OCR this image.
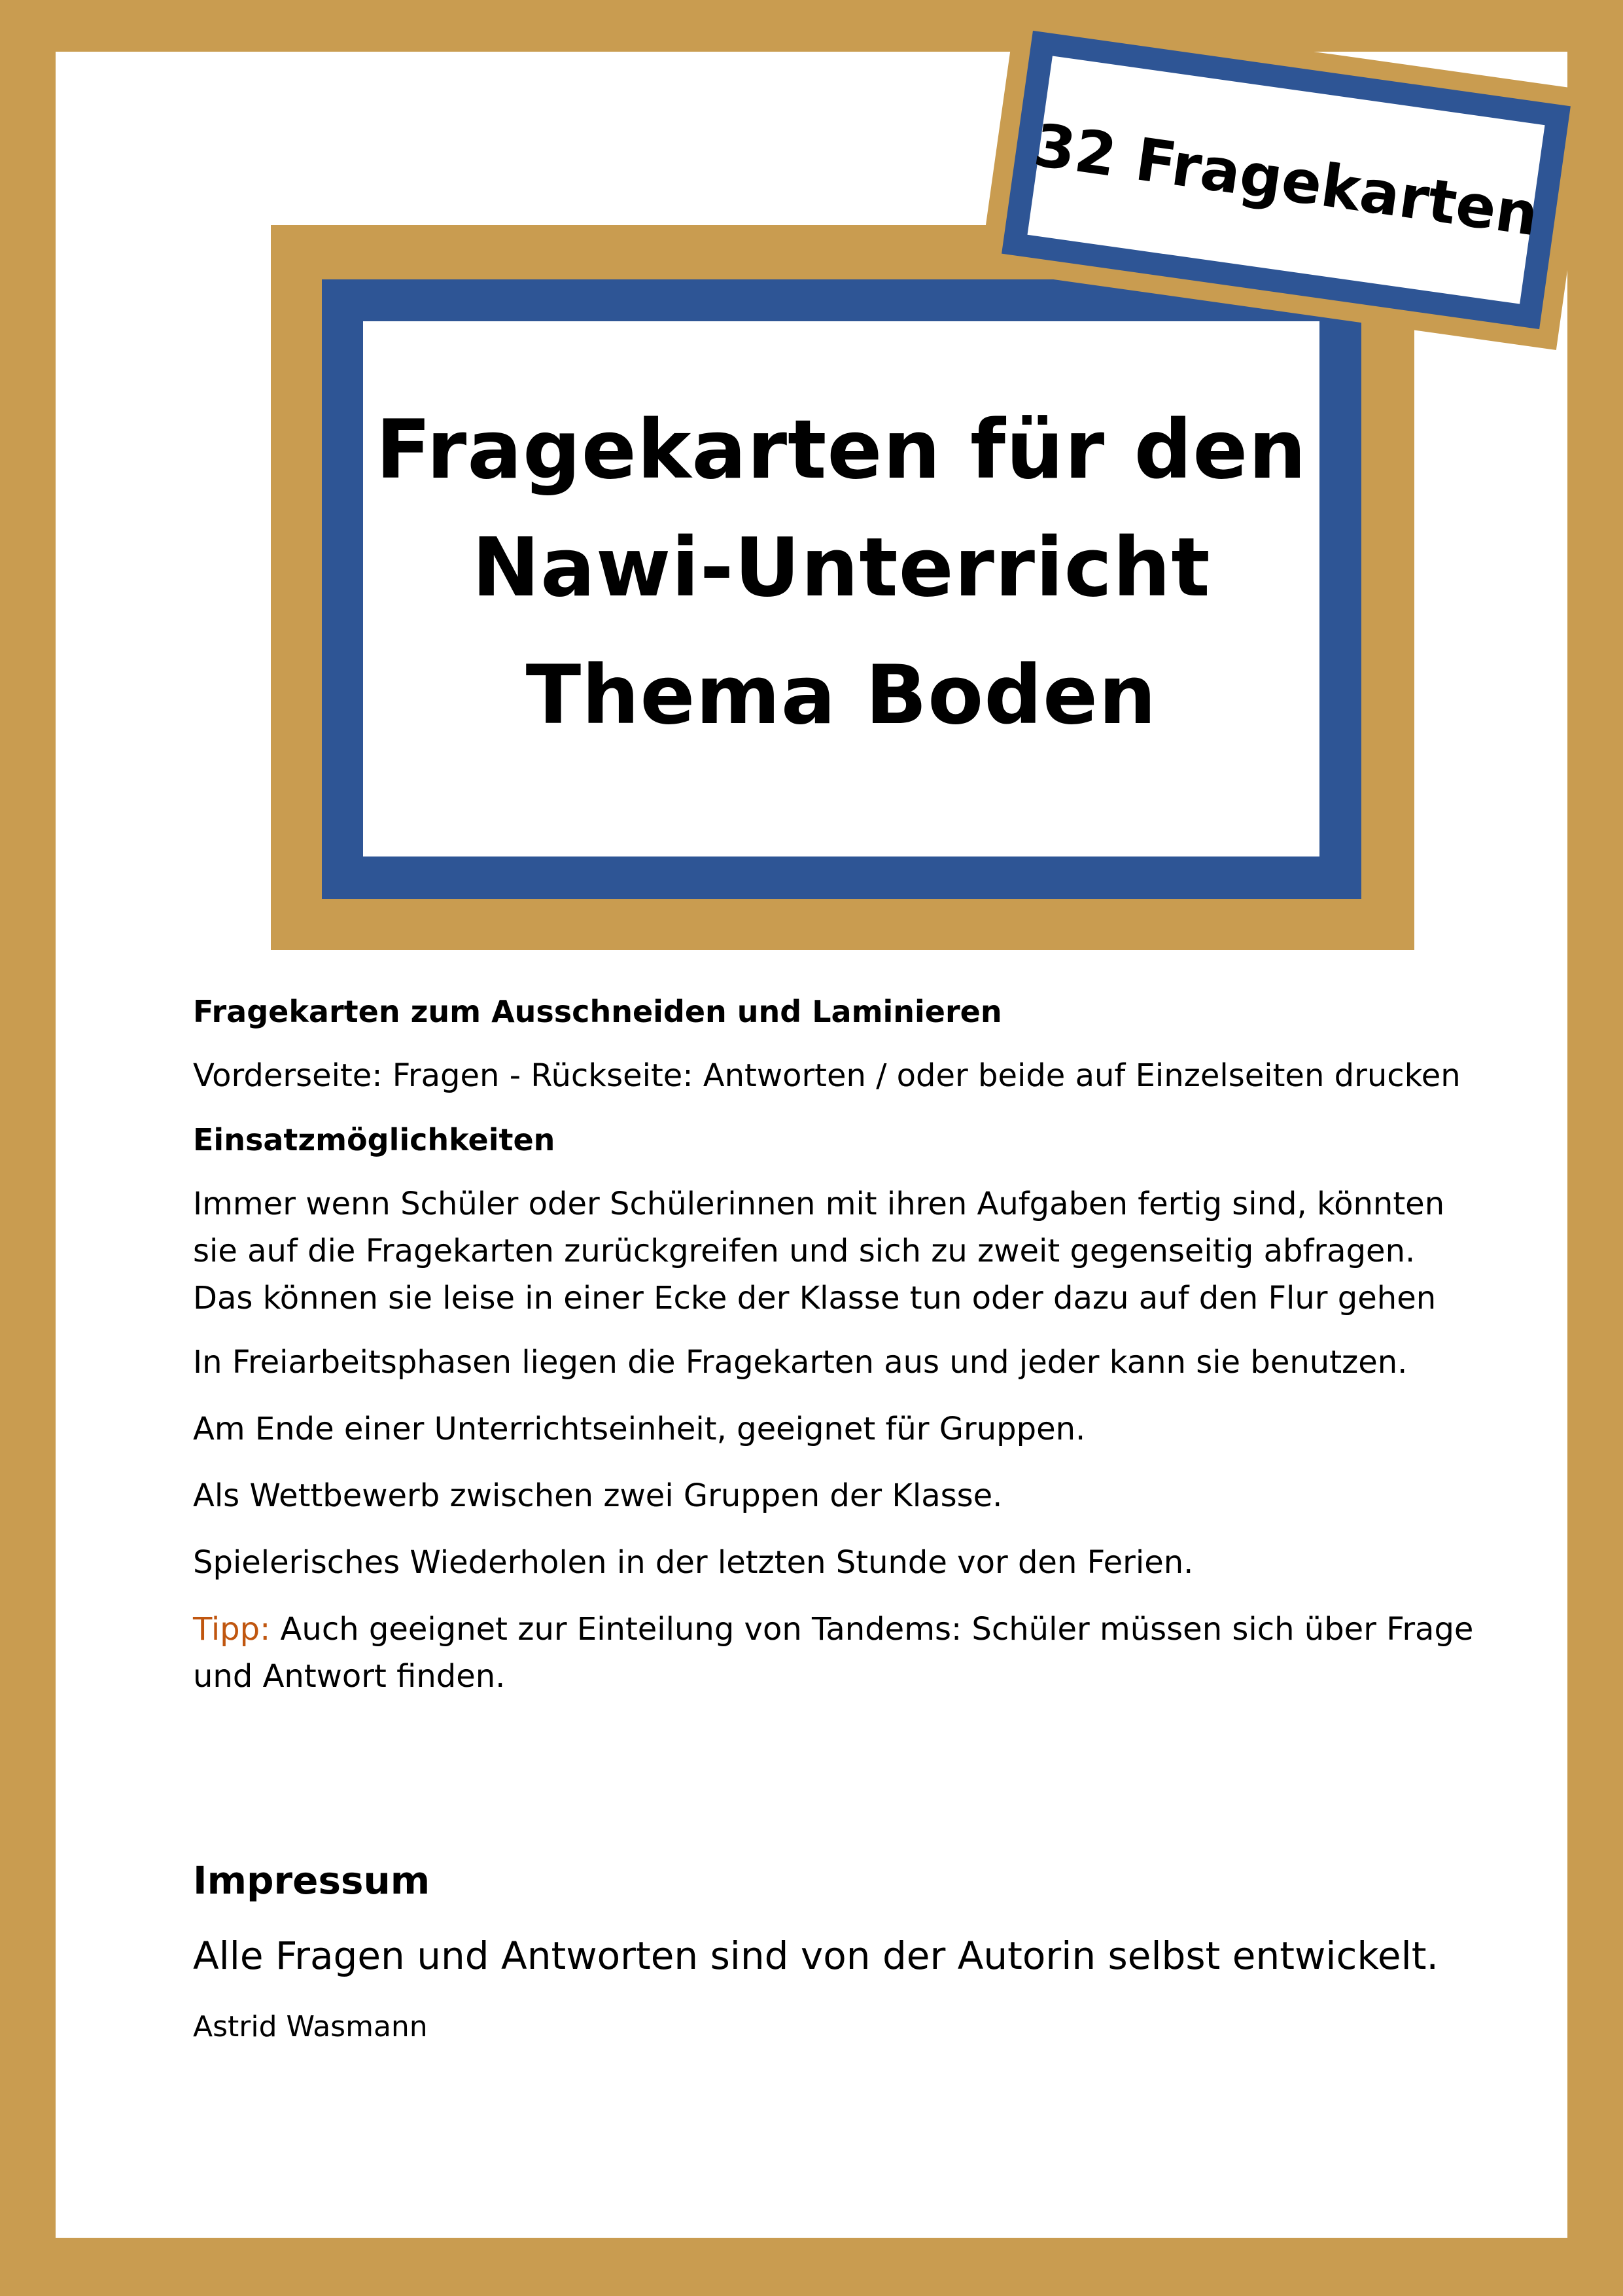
Fragekarten für den
Nawi-Unterricht
Thema Boden
32 Fragekarten

Fragekarten zum Ausschneiden und Laminieren

Vorderseite: Fragen - Rückseite: Antworten / oder beide auf Einzelseiten drucken

Einsatzmöglichkeiten

Immer wenn Schüler oder Schülerinnen mit ihren Aufgaben fertig sind, könnten sie auf die Fragekarten zurückgreifen und sich zu zweit gegenseitig abfragen. Das können sie leise in einer Ecke der Klasse tun oder dazu auf den Flur gehen

In Freiarbeitsphasen liegen die Fragekarten aus und jeder kann sie benutzen.

Am Ende einer Unterrichtseinheit, geeignet für Gruppen.

Als Wettbewerb zwischen zwei Gruppen der Klasse.

Spielerisches Wiederholen in der letzten Stunde vor den Ferien.

Tipp: Auch geeignet zur Einteilung von Tandems: Schüler müssen sich über Frage und Antwort finden.

Impressum
Alle Fragen und Antworten sind von der Autorin selbst entwickelt.
Astrid Wasmann
